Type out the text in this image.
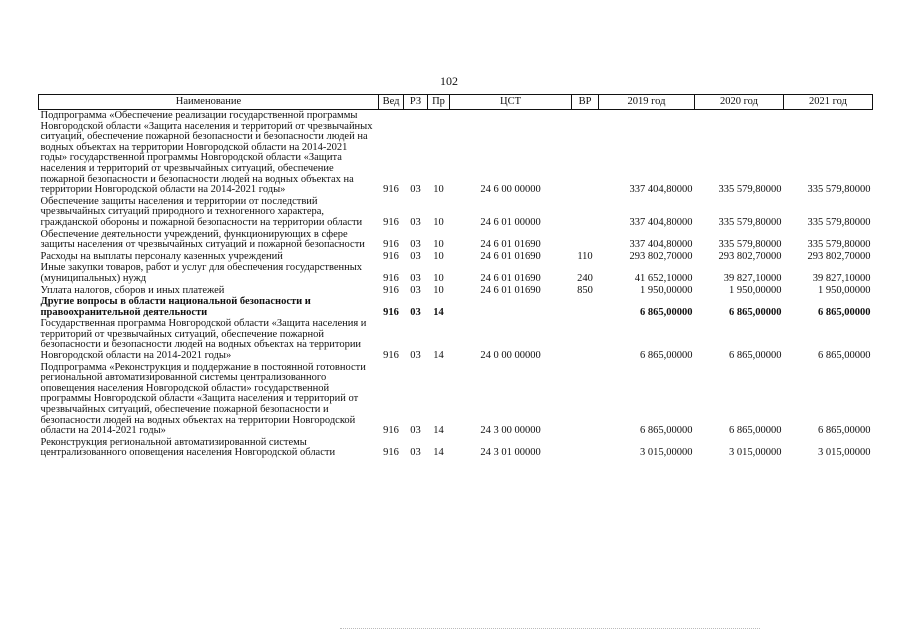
102
Наименование	Вед	РЗ	Пр	ЦСТ	ВР	2019 год	2020 год	2021 год
Подпрограмма «Обеспечение реализации государственной программы Новгородской области «Защита населения и территорий от чрезвычайных ситуаций, обеспечение пожарной безопасности и безопасности людей на водных объектах на территории Новгородской области на 2014-2021 годы» государственной программы Новгородской области «Защита населения и территорий от чрезвычайных ситуаций, обеспечение пожарной безопасности и безопасности людей на водных объектах на территории Новгородской области на 2014-2021 годы»	916	03	10	24 6 00 00000		337 404,80000	335 579,80000	335 579,80000
Обеспечение защиты населения и территории от последствий чрезвычайных ситуаций природного и техногенного характера, гражданской обороны и пожарной безопасности на территории области	916	03	10	24 6 01 00000		337 404,80000	335 579,80000	335 579,80000
Обеспечение деятельности учреждений, функционирующих в сфере защиты населения от чрезвычайных ситуаций и пожарной безопасности	916	03	10	24 6 01 01690		337 404,80000	335 579,80000	335 579,80000
Расходы на выплаты персоналу казенных учреждений	916	03	10	24 6 01 01690	110	293 802,70000	293 802,70000	293 802,70000
Иные закупки товаров, работ и услуг для обеспечения государственных (муниципальных) нужд	916	03	10	24 6 01 01690	240	41 652,10000	39 827,10000	39 827,10000
Уплата налогов, сборов и иных платежей	916	03	10	24 6 01 01690	850	1 950,00000	1 950,00000	1 950,00000
Другие вопросы в области национальной безопасности и правоохранительной деятельности	916	03	14			6 865,00000	6 865,00000	6 865,00000
Государственная программа Новгородской области «Защита населения и территорий от чрезвычайных ситуаций, обеспечение пожарной безопасности и безопасности людей на водных объектах на территории Новгородской области на 2014-2021 годы»	916	03	14	24 0 00 00000		6 865,00000	6 865,00000	6 865,00000
Подпрограмма «Реконструкция и поддержание в постоянной готовности региональной автоматизированной системы централизованного оповещения населения Новгородской области» государственной программы Новгородской области «Защита населения и территорий от чрезвычайных ситуаций, обеспечение пожарной безопасности и безопасности людей на водных объектах на территории Новгородской области на 2014-2021 годы»	916	03	14	24 3 00 00000		6 865,00000	6 865,00000	6 865,00000
Реконструкция региональной автоматизированной системы централизованного оповещения населения Новгородской области	916	03	14	24 3 01 00000		3 015,00000	3 015,00000	3 015,00000
